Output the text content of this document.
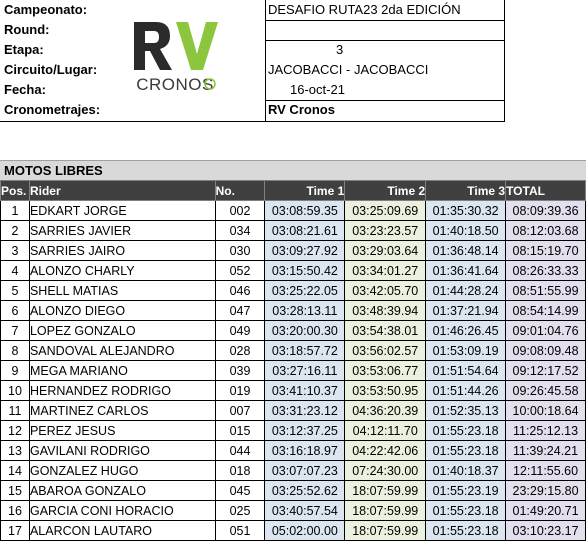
Campeonato:	DESAFIO RUTA23 2da EDICIÓN
Round:
Etapa:	3
Circuito/Lugar:	JACOBACCI - JACOBACCI
Fecha:	16-oct-21
Cronometrajes:	RV Cronos
CRONOS
MOTOS LIBRES
Pos.	Rider	No.	Time 1	Time 2	Time 3	TOTAL
1	EDKART JORGE	002	03:08:59.35	03:25:09.69	01:35:30.32	08:09:39.36
2	SARRIES JAVIER	034	03:08:21.61	03:23:23.57	01:40:18.50	08:12:03.68
3	SARRIES JAIRO	030	03:09:27.92	03:29:03.64	01:36:48.14	08:15:19.70
4	ALONZO CHARLY	052	03:15:50.42	03:34:01.27	01:36:41.64	08:26:33.33
5	SHELL MATIAS	046	03:25:22.05	03:42:05.70	01:44:28.24	08:51:55.99
6	ALONZO DIEGO	047	03:28:13.11	03:48:39.94	01:37:21.94	08:54:14.99
7	LOPEZ GONZALO	049	03:20:00.30	03:54:38.01	01:46:26.45	09:01:04.76
8	SANDOVAL ALEJANDRO	028	03:18:57.72	03:56:02.57	01:53:09.19	09:08:09.48
9	MEGA MARIANO	039	03:27:16.11	03:53:06.77	01:51:54.64	09:12:17.52
10	HERNANDEZ RODRIGO	019	03:41:10.37	03:53:50.95	01:51:44.26	09:26:45.58
11	MARTINEZ CARLOS	007	03:31:23.12	04:36:20.39	01:52:35.13	10:00:18.64
12	PEREZ JESUS	015	03:12:37.25	04:12:11.70	01:55:23.18	11:25:12.13
13	GAVILANI RODRIGO	044	03:16:18.97	04:22:42.06	01:55:23.18	11:39:24.21
14	GONZALEZ HUGO	018	03:07:07.23	07:24:30.00	01:40:18.37	12:11:55.60
15	ABAROA GONZALO	045	03:25:52.62	18:07:59.99	01:55:23.19	23:29:15.80
16	GARCIA CONI HORACIO	025	03:40:57.54	18:07:59.99	01:55:23.18	01:49:20.71
17	ALARCON LAUTARO	051	05:02:00.00	18:07:59.99	01:55:23.18	03:10:23.17
